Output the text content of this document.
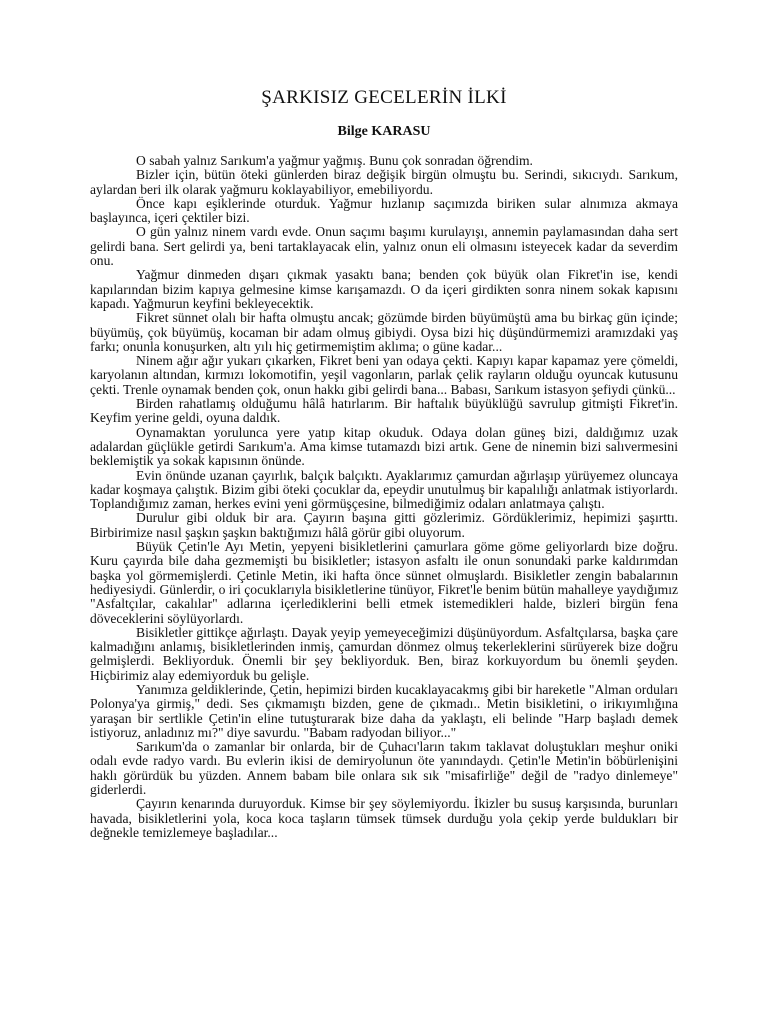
ŞARKISIZ GECELERİN İLKİ
Bilge KARASU

O sabah yalnız Sarıkum'a yağmur yağmış. Bunu çok sonradan öğrendim.

Bizler için, bütün öteki günlerden biraz değişik birgün olmuştu bu. Serindi, sıkıcıydı. Sarıkum, aylardan beri ilk olarak yağmuru koklayabiliyor, emebiliyordu.

Önce kapı eşiklerinde oturduk. Yağmur hızlanıp saçımızda biriken sular alnımıza akmaya başlayınca, içeri çektiler bizi.

O gün yalnız ninem vardı evde. Onun saçımı başımı kurulayışı, annemin paylamasından daha sert gelirdi bana. Sert gelirdi ya, beni tartaklayacak elin, yalnız onun eli olmasını isteyecek kadar da severdim onu.

Yağmur dinmeden dışarı çıkmak yasaktı bana; benden çok büyük olan Fikret'in ise, kendi kapılarından bizim kapıya gelmesine kimse karışamazdı. O da içeri girdikten sonra ninem sokak kapısını kapadı. Yağmurun keyfini bekleyecektik.

Fikret sünnet olalı bir hafta olmuştu ancak; gözümde birden büyümüştü ama bu birkaç gün içinde; büyümüş, çok büyümüş, kocaman bir adam olmuş gibiydi. Oysa bizi hiç düşündürmemizi aramızdaki yaş farkı; onunla konuşurken, altı yılı hiç getirmemiştim aklıma; o güne kadar...

Ninem ağır ağır yukarı çıkarken, Fikret beni yan odaya çekti. Kapıyı kapar kapamaz yere çömeldi, karyolanın altından, kırmızı lokomotifin, yeşil vagonların, parlak çelik rayların olduğu oyuncak kutusunu çekti. Trenle oynamak benden çok, onun hakkı gibi gelirdi bana... Babası, Sarıkum istasyon şefiydi çünkü...

Birden rahatlamış olduğumu hâlâ hatırlarım. Bir haftalık büyüklüğü savrulup gitmişti Fikret'in. Keyfim yerine geldi, oyuna daldık.

Oynamaktan yorulunca yere yatıp kitap okuduk. Odaya dolan güneş bizi, daldığımız uzak adalardan güçlükle getirdi Sarıkum'a. Ama kimse tutamazdı bizi artık. Gene de ninemin bizi salıvermesini beklemiştik ya sokak kapısının önünde.

Evin önünde uzanan çayırlık, balçık balçıktı. Ayaklarımız çamurdan ağırlaşıp yürüyemez oluncaya kadar koşmaya çalıştık. Bizim gibi öteki çocuklar da, epeydir unutulmuş bir kapalılığı anlatmak istiyorlardı. Toplandığımız zaman, herkes evini yeni görmüşçesine, bilmediğimiz odaları anlatmaya çalıştı.

Durulur gibi olduk bir ara. Çayırın başına gitti gözlerimiz. Gördüklerimiz, hepimizi şaşırttı. Birbirimize nasıl şaşkın şaşkın baktığımızı hâlâ görür gibi oluyorum.

Büyük Çetin'le Ayı Metin, yepyeni bisikletlerini çamurlara göme göme geliyorlardı bize doğru. Kuru çayırda bile daha gezmemişti bu bisikletler; istasyon asfaltı ile onun sonundaki parke kaldırımdan başka yol görmemişlerdi. Çetinle Metin, iki hafta önce sünnet olmuşlardı. Bisikletler zengin babalarının hediyesiydi. Günlerdir, o iri çocuklarıyla bisikletlerine tünüyor, Fikret'le benim bütün mahalleye yaydığımız "Asfaltçılar, cakalılar" adlarına içerlediklerini belli etmek istemedikleri halde, bizleri birgün fena döveceklerini söylüyorlardı.

Bisikletler gittikçe ağırlaştı. Dayak yeyip yemeyeceğimizi düşünüyordum. Asfaltçılarsa, başka çare kalmadığını anlamış, bisikletlerinden inmiş, çamurdan dönmez olmuş tekerleklerini sürüyerek bize doğru gelmişlerdi. Bekliyorduk. Önemli bir şey bekliyorduk. Ben, biraz korkuyordum bu önemli şeyden. Hiçbirimiz alay edemiyorduk bu gelişle.

Yanımıza geldiklerinde, Çetin, hepimizi birden kucaklayacakmış gibi bir hareketle "Alman orduları Polonya'ya girmiş," dedi. Ses çıkmamıştı bizden, gene de çıkmadı.. Metin bisikletini, o irikıyımlığına yaraşan bir sertlikle Çetin'in eline tutuşturarak bize daha da yaklaştı, eli belinde "Harp başladı demek istiyoruz, anladınız mı?" diye savurdu. "Babam radyodan biliyor..."

Sarıkum'da o zamanlar bir onlarda, bir de Çuhacı'ların takım taklavat doluştukları meşhur oniki odalı evde radyo vardı. Bu evlerin ikisi de demiryolunun öte yanındaydı. Çetin'le Metin'in böbürlenişini haklı görürdük bu yüzden. Annem babam bile onlara sık sık "misafirliğe" değil de "radyo dinlemeye" giderlerdi.

Çayırın kenarında duruyorduk. Kimse bir şey söylemiyordu. İkizler bu susuş karşısında, burunları havada, bisikletlerini yola, koca koca taşların tümsek tümsek durduğu yola çekip yerde buldukları bir değnekle temizlemeye başladılar...
